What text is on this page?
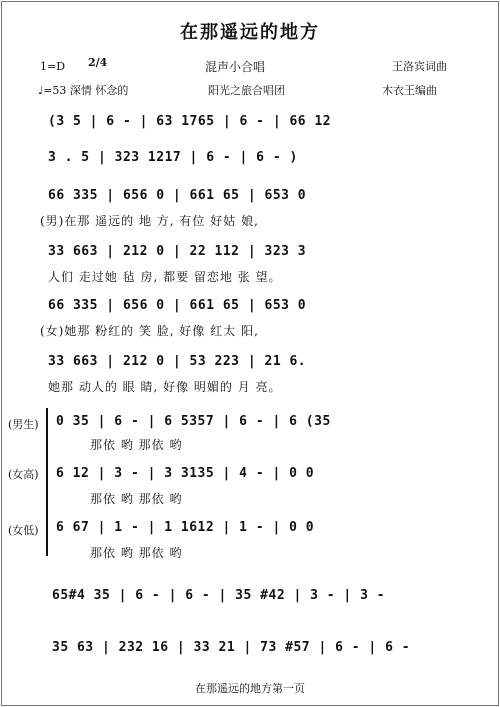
在那遥远的地方
1=D 2/4	混声小合唱	王洛宾词曲
♩=53 深情 怀念的	阳光之旅合唱团	木衣王编曲
(3 5 | 6 - | 63 1765 | 6 - | 66 12
3 . 5 | 323 1217 | 6 - | 6 - )
66 335 | 656 0 | 661 65 | 653 0
(男)在那 遥远的 地 方, 有位 好姑 娘,
33 663 | 212 0 | 22 112 | 323 3
人们 走过她 毡 房, 都要 留恋地 张 望。
66 335 | 656 0 | 661 65 | 653 0
(女)她那 粉红的 笑 脸, 好像 红太 阳,
33 663 | 212 0 | 53 223 | 21 6.
她那 动人的 眼 睛, 好像 明媚的 月 亮。
(男生) 0 35 | 6 - | 6 5357 | 6 - | 6 (35
那依 哟 那依 哟
(女高) 6 12 | 3 - | 3 3135 | 4 - | 0 0
那依 哟 那依 哟
(女低) 6 67 | 1 - | 1 1612 | 1 - | 0 0
那依 哟 那依 哟
65#4 35 | 6 - | 6 - | 35 #42 | 3 - | 3 -
35 63 | 232 16 | 33 21 | 73 #57 | 6 - | 6 -
在那遥远的地方第一页
